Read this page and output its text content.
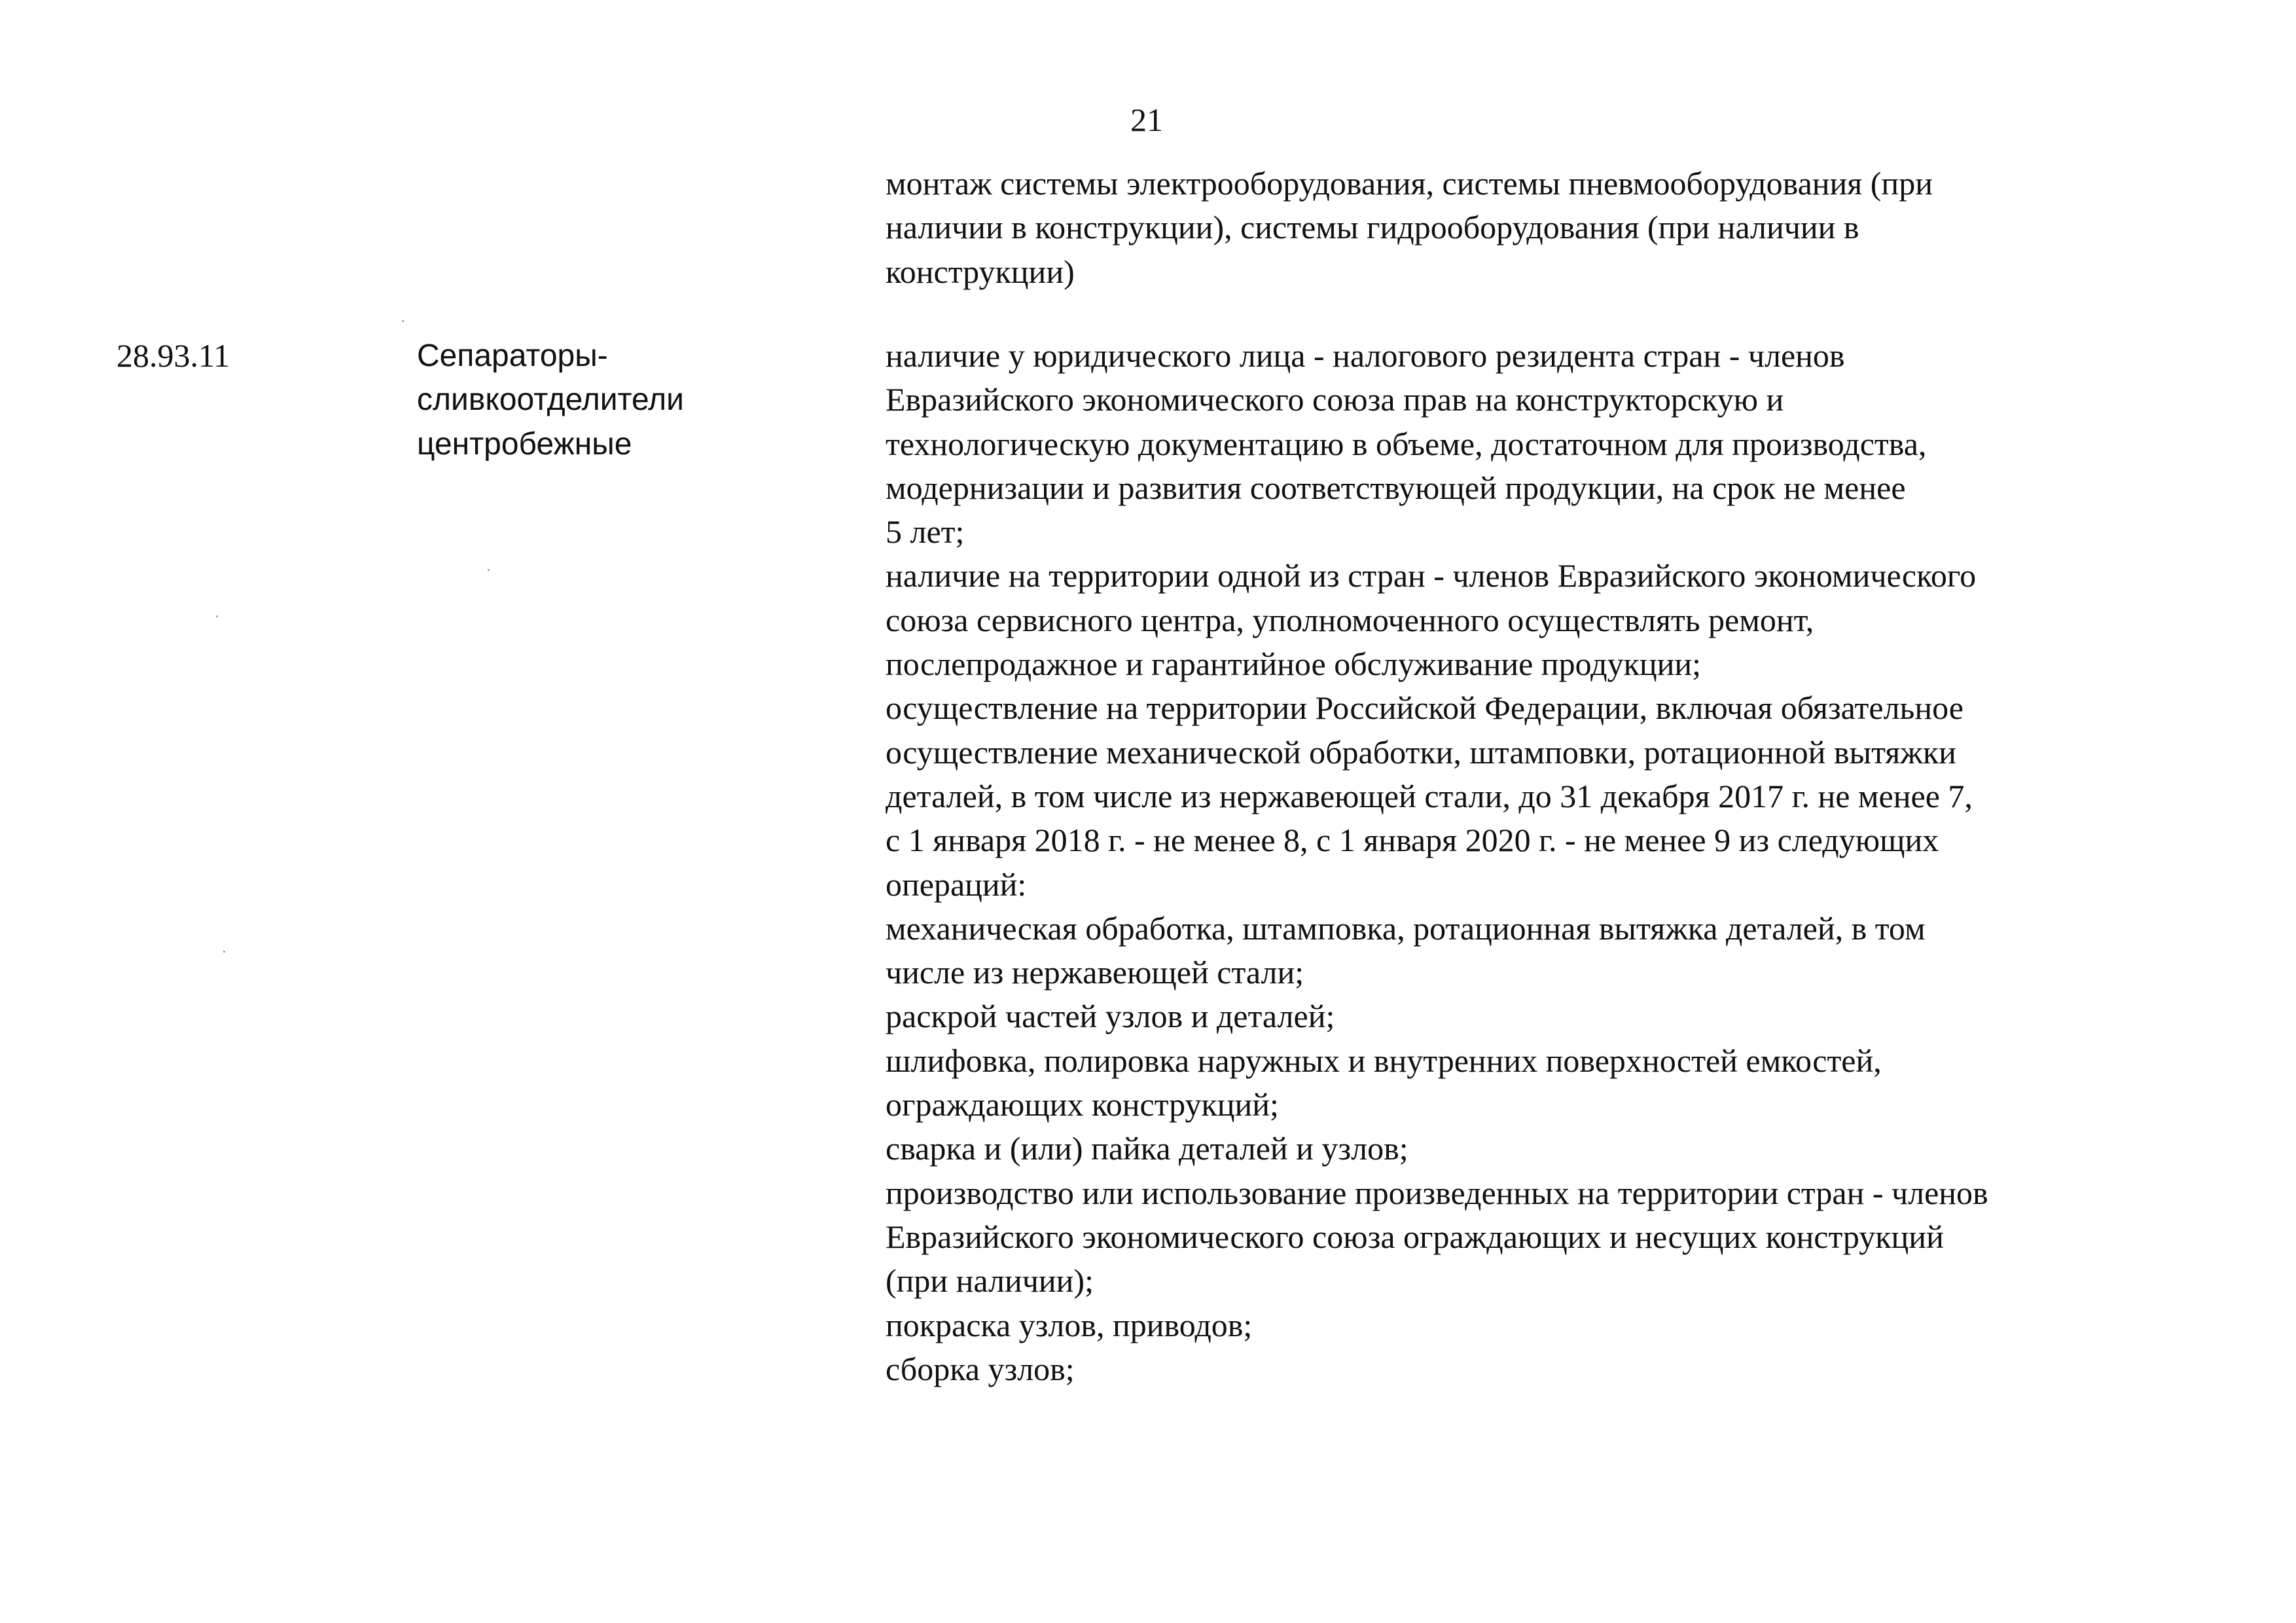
21
монтаж системы электрооборудования, системы пневмооборудования (при
наличии в конструкции), системы гидрооборудования (при наличии в
конструкции)
28.93.11	Сепараторы-
сливкоотделители
центробежные
наличие у юридического лица - налогового резидента стран - членов
Евразийского экономического союза прав на конструкторскую и
технологическую документацию в объеме, достаточном для производства,
модернизации и развития соответствующей продукции, на срок не менее
5 лет;
наличие на территории одной из стран - членов Евразийского экономического
союза сервисного центра, уполномоченного осуществлять ремонт,
послепродажное и гарантийное обслуживание продукции;
осуществление на территории Российской Федерации, включая обязательное
осуществление механической обработки, штамповки, ротационной вытяжки
деталей, в том числе из нержавеющей стали, до 31 декабря 2017 г. не менее 7,
с 1 января 2018 г. - не менее 8, с 1 января 2020 г. - не менее 9 из следующих
операций:
механическая обработка, штамповка, ротационная вытяжка деталей, в том
числе из нержавеющей стали;
раскрой частей узлов и деталей;
шлифовка, полировка наружных и внутренних поверхностей емкостей,
ограждающих конструкций;
сварка и (или) пайка деталей и узлов;
производство или использование произведенных на территории стран - членов
Евразийского экономического союза ограждающих и несущих конструкций
(при наличии);
покраска узлов, приводов;
сборка узлов;
